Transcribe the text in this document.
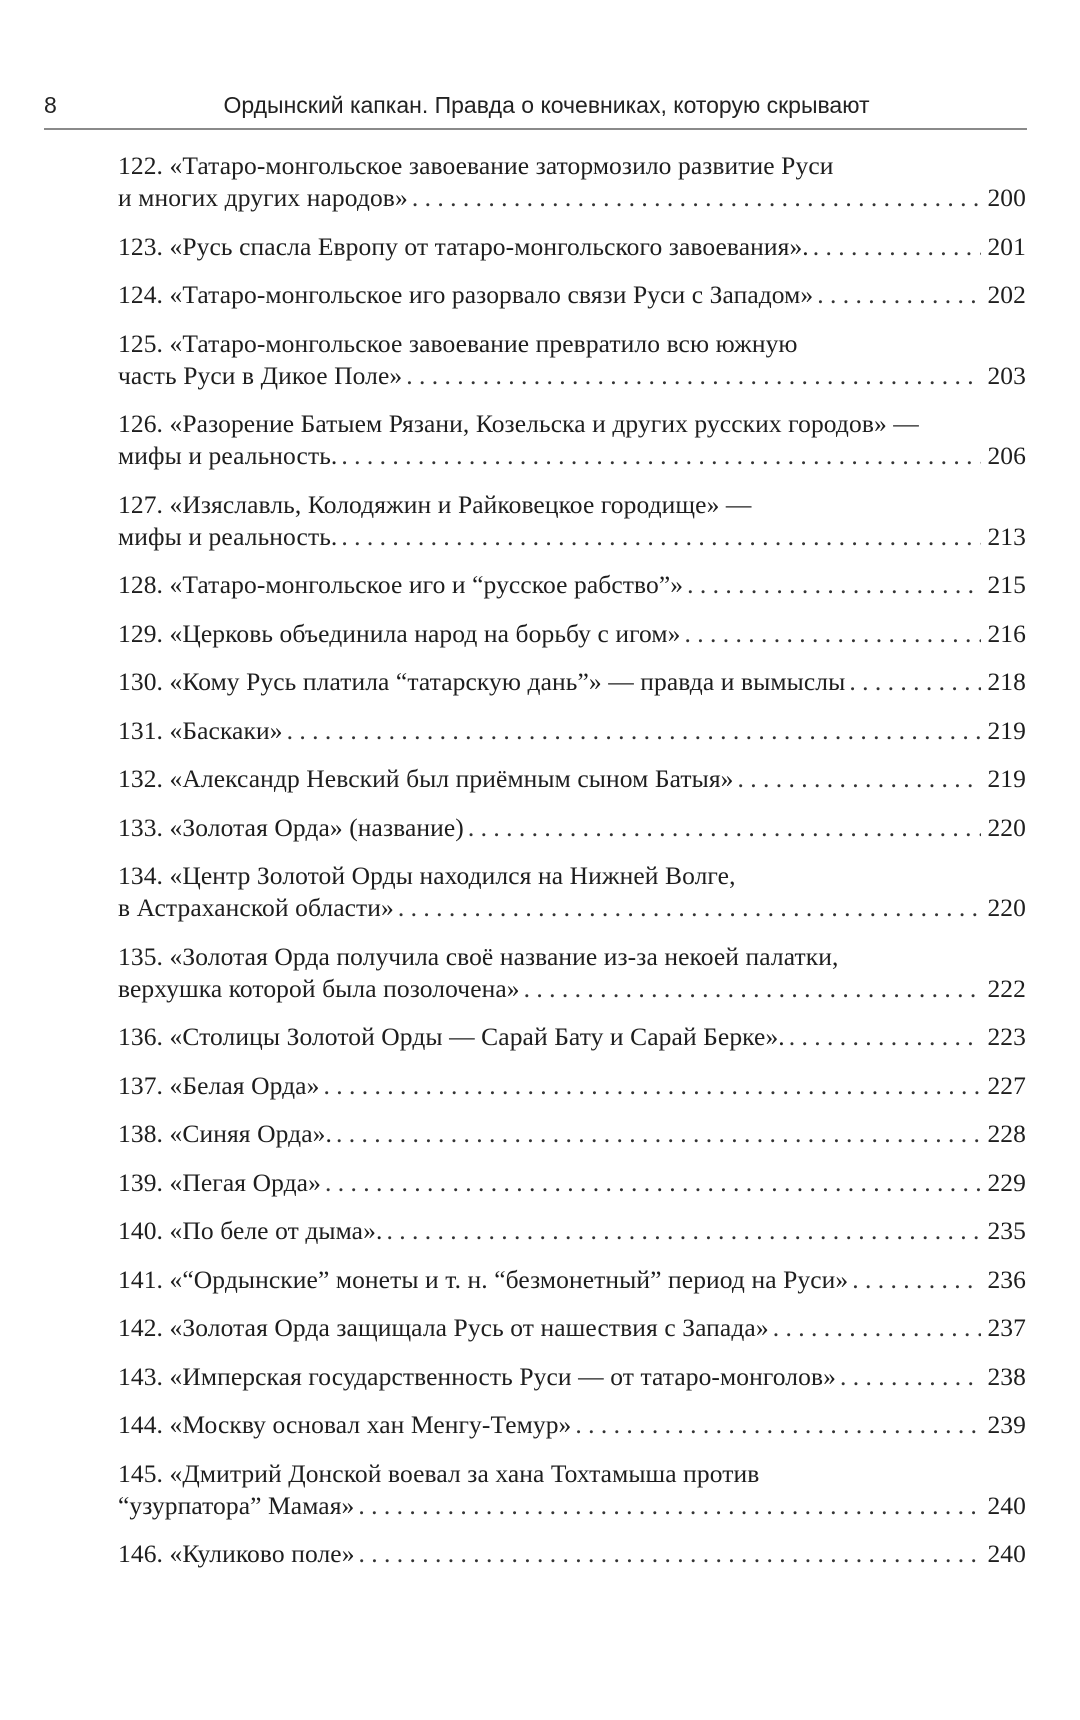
8	Ордынский капкан. Правда о кочевниках, которую скрывают
122. «Татаро-монгольское завоевание затормозило развитие Руси
и многих других народов» . . .	200
123. «Русь спасла Европу от татаро-монгольского завоевания». . . .	201
124. «Татаро-монгольское иго разорвало связи Руси с Западом» . . .	202
125. «Татаро-монгольское завоевание превратило всю южную
часть Руси в Дикое Поле» . . .	203
126. «Разорение Батыем Рязани, Козельска и других русских городов» —
мифы и реальность. . . .	206
127. «Изяславль, Колодяжин и Райковецкое городище» —
мифы и реальность. . . .	213
128. «Татаро-монгольское иго и “русское рабство”» . . .	215
129. «Церковь объединила народ на борьбу с игом» . . .	216
130. «Кому Русь платила “татарскую дань”» — правда и вымыслы . . .	218
131. «Баскаки» . . .	219
132. «Александр Невский был приёмным сыном Батыя» . . .	219
133. «Золотая Орда» (название) . . .	220
134. «Центр Золотой Орды находился на Нижней Волге,
в Астраханской области» . . .	220
135. «Золотая Орда получила своё название из-за некоей палатки,
верхушка которой была позолочена» . . .	222
136. «Столицы Золотой Орды — Сарай Бату и Сарай Берке». . . .	223
137. «Белая Орда» . . .	227
138. «Синяя Орда». . . .	228
139. «Пегая Орда» . . .	229
140. «По беле от дыма». . . .	235
141. «“Ордынские” монеты и т. н. “безмонетный” период на Руси» . . .	236
142. «Золотая Орда защищала Русь от нашествия с Запада» . . .	237
143. «Имперская государственность Руси — от татаро-монголов» . . .	238
144. «Москву основал хан Менгу-Темур» . . .	239
145. «Дмитрий Донской воевал за хана Тохтамыша против
“узурпатора” Мамая» . . .	240
146. «Куликово поле» . . .	240
